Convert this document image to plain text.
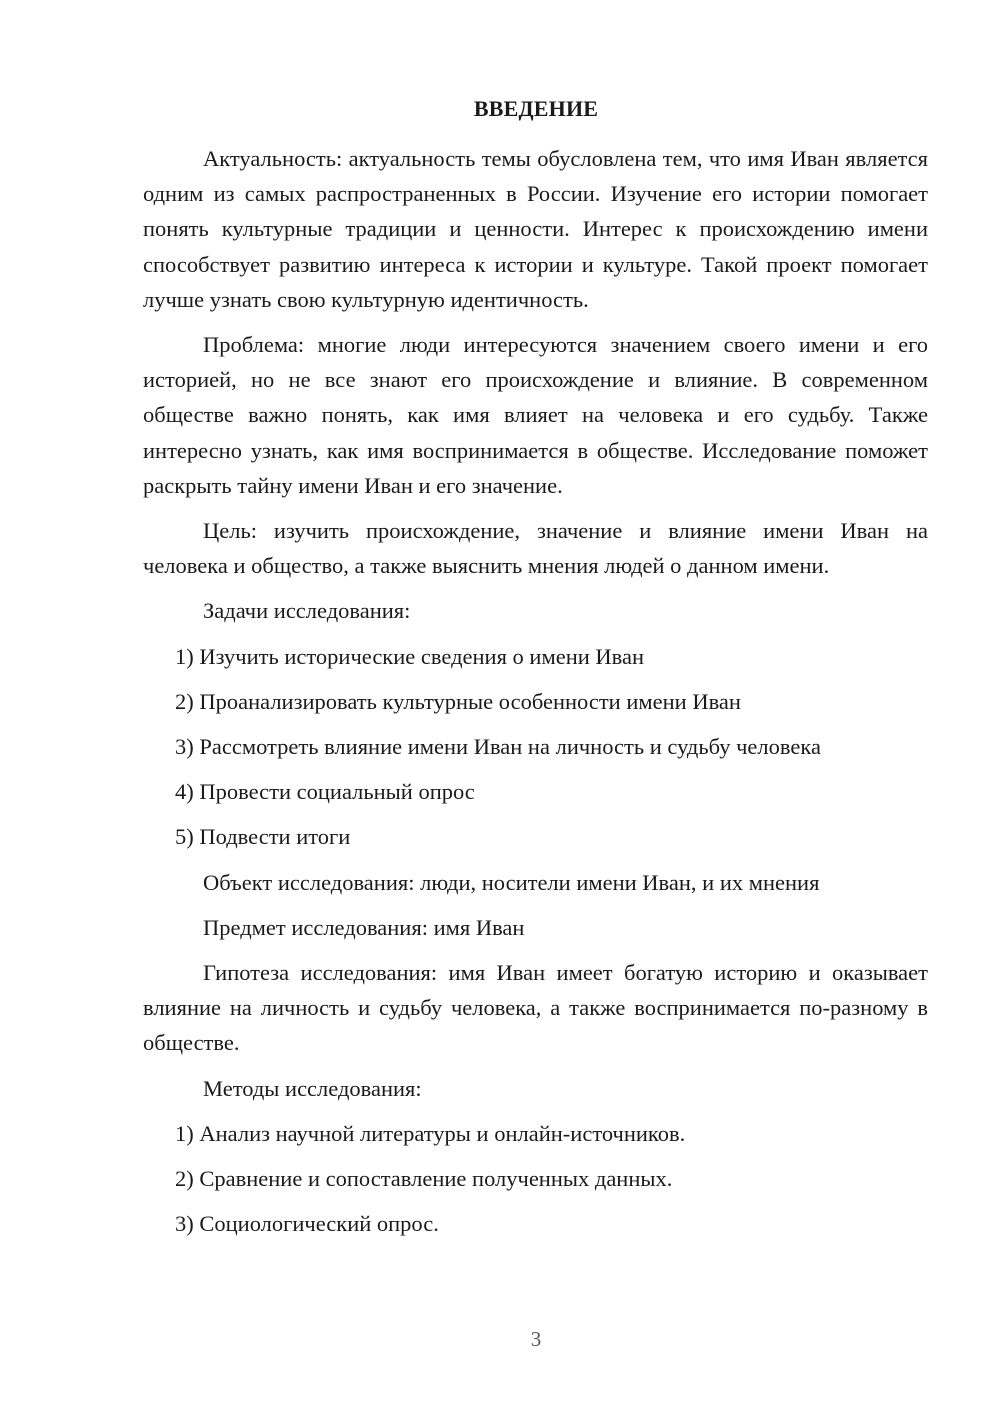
ВВЕДЕНИЕ

Актуальность: актуальность темы обусловлена тем, что имя Иван является одним из самых распространенных в России. Изучение его истории помогает понять культурные традиции и ценности. Интерес к происхождению имени способствует развитию интереса к истории и культуре. Такой проект помогает лучше узнать свою культурную идентичность.

Проблема: многие люди интересуются значением своего имени и его историей, но не все знают его происхождение и влияние. В современном обществе важно понять, как имя влияет на человека и его судьбу. Также интересно узнать, как имя воспринимается в обществе. Исследование поможет раскрыть тайну имени Иван и его значение.

Цель: изучить происхождение, значение и влияние имени Иван на человека и общество, а также выяснить мнения людей о данном имени.

Задачи исследования:

1) Изучить исторические сведения о имени Иван
2) Проанализировать культурные особенности имени Иван
3) Рассмотреть влияние имени Иван на личность и судьбу человека
4) Провести социальный опрос
5) Подвести итоги

Объект исследования: люди, носители имени Иван, и их мнения

Предмет исследования: имя Иван

Гипотеза исследования: имя Иван имеет богатую историю и оказывает влияние на личность и судьбу человека, а также воспринимается по-разному в обществе.

Методы исследования:

1) Анализ научной литературы и онлайн-источников.
2) Сравнение и сопоставление полученных данных.
3) Социологический опрос.
3
